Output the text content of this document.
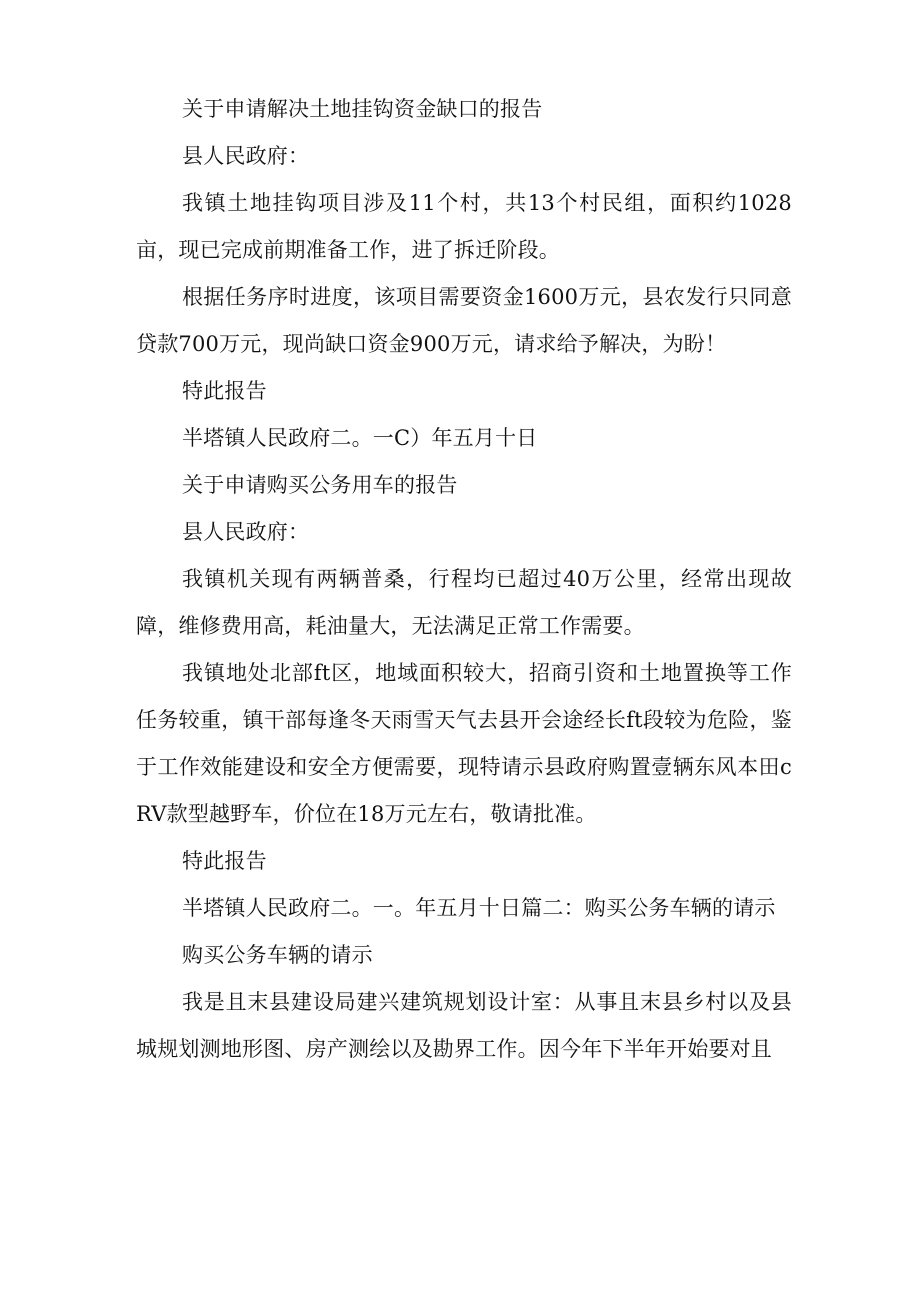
关于申请解决土地挂钩资金缺口的报告

县人民政府：

我镇土地挂钩项目涉及11个村，共13个村民组，面积约1028亩，现已完成前期准备工作，进了拆迁阶段。

根据任务序时进度，该项目需要资金1600万元，县农发行只同意贷款700万元，现尚缺口资金900万元，请求给予解决，为盼！

特此报告

半塔镇人民政府二。一C）年五月十日

关于申请购买公务用车的报告

县人民政府：

我镇机关现有两辆普桑，行程均已超过40万公里，经常出现故障，维修费用高，耗油量大，无法满足正常工作需要。

我镇地处北部ft区，地域面积较大，招商引资和土地置换等工作任务较重，镇干部每逢冬天雨雪天气去县开会途经长ft段较为危险，鉴于工作效能建设和安全方便需要，现特请示县政府购置壹辆东风本田cRV款型越野车，价位在18万元左右，敬请批准。

特此报告

半塔镇人民政府二。一。年五月十日篇二：购买公务车辆的请示

购买公务车辆的请示

我是且末县建设局建兴建筑规划设计室：从事且末县乡村以及县城规划测地形图、房产测绘以及勘界工作。因今年下半年开始要对且
